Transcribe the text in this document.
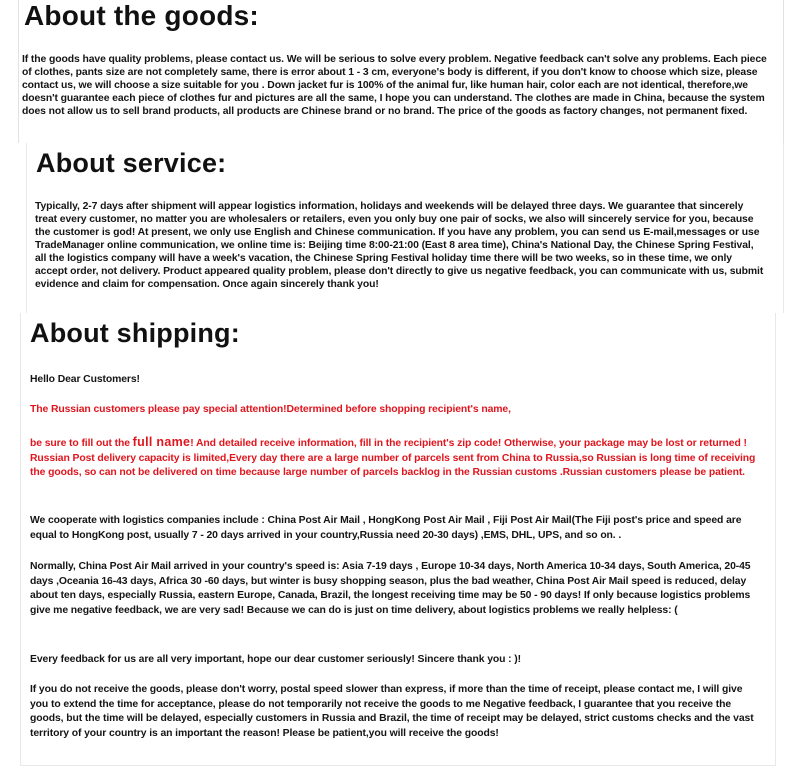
About the goods:

If the goods have quality problems, please contact us. We will be serious to solve every problem. Negative feedback can't solve any problems. Each piece of clothes, pants size are not completely same, there is error about 1 - 3 cm, everyone's body is different, if you don't know to choose which size, please contact us, we will choose a size suitable for you . Down jacket fur is 100% of the animal fur, like human hair, color each are not identical, therefore,we doesn't guarantee each piece of clothes fur and pictures are all the same, I hope you can understand. The clothes are made in China, because the system does not allow us to sell brand products, all products are Chinese brand or no brand. The price of the goods as factory changes, not permanent fixed.

About service:

Typically, 2-7 days after shipment will appear logistics information, holidays and weekends will be delayed three days. We guarantee that sincerely treat every customer, no matter you are wholesalers or retailers, even you only buy one pair of socks, we also will sincerely service for you, because the customer is god! At present, we only use English and Chinese communication. If you have any problem, you can send us E-mail,messages or use TradeManager online communication, we online time is: Beijing time 8:00-21:00 (East 8 area time), China's National Day, the Chinese Spring Festival, all the logistics company will have a week's vacation, the Chinese Spring Festival holiday time there will be two weeks, so in these time, we only accept order, not delivery. Product appeared quality problem, please don't directly to give us negative feedback, you can communicate with us, submit evidence and claim for compensation. Once again sincerely thank you!

About shipping:

Hello Dear Customers!

The Russian customers please pay special attention!Determined before shopping recipient's name,

be sure to fill out the full name! And detailed receive information, fill in the recipient's zip code! Otherwise, your package may be lost or returned ! Russian Post delivery capacity is limited,Every day there are a large number of parcels sent from China to Russia,so Russian is long time of receiving the goods, so can not be delivered on time because large number of parcels backlog in the Russian customs .Russian customers please be patient.

We cooperate with logistics companies include : China Post Air Mail , HongKong Post Air Mail , Fiji Post Air Mail(The Fiji post's price and speed are equal to HongKong post, usually 7 - 20 days arrived in your country,Russia need 20-30 days) ,EMS, DHL, UPS, and so on. .

Normally, China Post Air Mail arrived in your country's speed is: Asia 7-19 days , Europe 10-34 days, North America 10-34 days, South America, 20-45 days ,Oceania 16-43 days, Africa 30 -60 days, but winter is busy shopping season, plus the bad weather, China Post Air Mail speed is reduced, delay about ten days, especially Russia, eastern Europe, Canada, Brazil, the longest receiving time may be 50 - 90 days! If only because logistics problems give me negative feedback, we are very sad! Because we can do is just on time delivery, about logistics problems we really helpless: (

Every feedback for us are all very important, hope our dear customer seriously! Sincere thank you : )!

If you do not receive the goods, please don't worry, postal speed slower than express, if more than the time of receipt, please contact me, I will give you to extend the time for acceptance, please do not temporarily not receive the goods to me Negative feedback, I guarantee that you receive the goods, but the time will be delayed, especially customers in Russia and Brazil, the time of receipt may be delayed, strict customs checks and the vast territory of your country is an important the reason! Please be patient,you will receive the goods!
